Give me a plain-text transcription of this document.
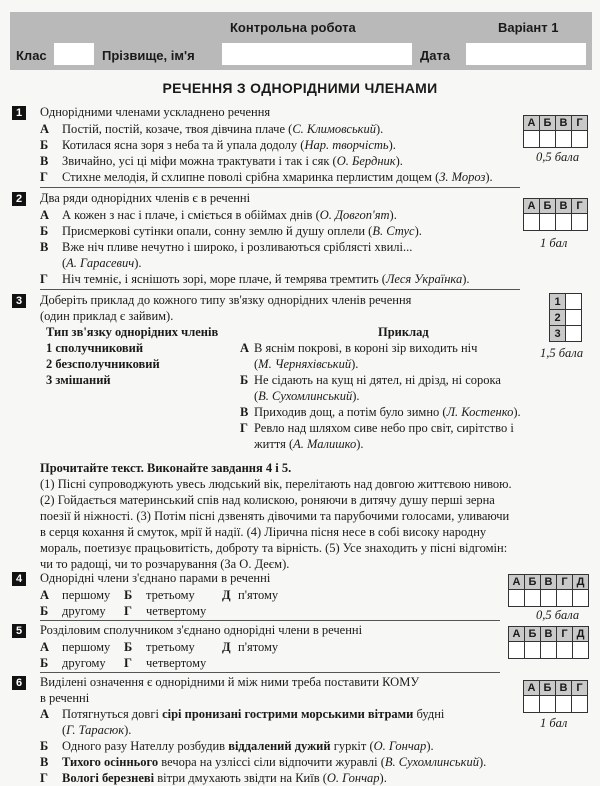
Контрольна робота	Варіант 1
Клас	Прізвище, ім'я	Дата
РЕЧЕННЯ З ОДНОРІДНИМИ ЧЛЕНАМИ
1	Однорідними членами ускладнено речення
А Постій, постій, козаче, твоя дівчина плаче (С. Климовський).
Б Котилася ясна зоря з неба та й упала додолу (Нар. творчість).
В Звичайно, усі ці міфи можна трактувати і так і сяк (О. Бердник).
Г Стихне мелодія, й схлипне поволі срібна хмаринка перлистим дощем (З. Мороз).
А	Б	В	Г

0,5 бала
2	Два ряди однорідних членів є в реченні
А А кожен з нас і плаче, і сміється в обіймах днів (О. Довгоп'ят).
Б Присмеркові сутінки опали, сонну землю й душу оплели (В. Стус).
В Вже ніч пливе нечутно і широко, і розливаються сріблясті хвилі...
(А. Гарасевич).
Г Ніч темніє, і яснішоть зорі, море плаче, й темрява тремтить (Леся Українка).
А	Б	В	Г

1 бал
3	Доберіть приклад до кожного типу зв'язку однорідних членів речення
(один приклад є зайвим).
Тип зв'язку однорідних членів	Приклад
1 сполучниковий
2 безсполучниковий
3 змішаний
А В яснім покрові, в короні зір виходить ніч
(М. Черняхівський).
Б Не сідають на кущ ні дятел, ні дрізд, ні сорока
(В. Сухомлинський).
В Приходив дощ, а потім було зимно (Л. Костенко).
Г Ревло над шляхом сиве небо про світ, сирітство і
життя (А. Малишко).
1	
2	
3	
1,5 бала
Прочитайте текст. Виконайте завдання 4 і 5.
(1) Пісні супроводжують увесь людський вік, перелітають над довгою життєвою нивою.
(2) Гойдається материнський спів над колискою, роняючи в дитячу душу перші зерна
поезії й ніжності. (3) Потім пісні дзвенять дівочими та парубочими голосами, уливаючи
в серця кохання й смуток, мрії й надії. (4) Лірична пісня несе в собі високу народну
мораль, поетизує працьовитість, доброту та вірність. (5) Усе знаходить у пісні відгомін:
чи то радощі, чи то розчарування (За О. Деєм).
4	Однорідні члени з'єднано парами в реченні
А першому Б третьому Д п'ятому
Б другому Г четвертому
А	Б	В	Г	Д

0,5 бала
5	Розділовим сполучником з'єднано однорідні члени в реченні
А першому Б третьому Д п'ятому
Б другому Г четвертому
А	Б	В	Г	Д

6	Виділені означення є однорідними й між ними треба поставити КОМУ
в реченні
А Потягнуться довгі сірі пронизані гострими морськими вітрами будні
(Г. Тарасюк).
Б Одного разу Нателлу розбудив віддалений дужий гуркіт (О. Гончар).
В Тихого осіннього вечора на узліссі сіли відпочити журавлі (В. Сухомлинський).
Г Вологі березневі вітри дмухають звідти на Київ (О. Гончар).
А	Б	В	Г

1 бал
